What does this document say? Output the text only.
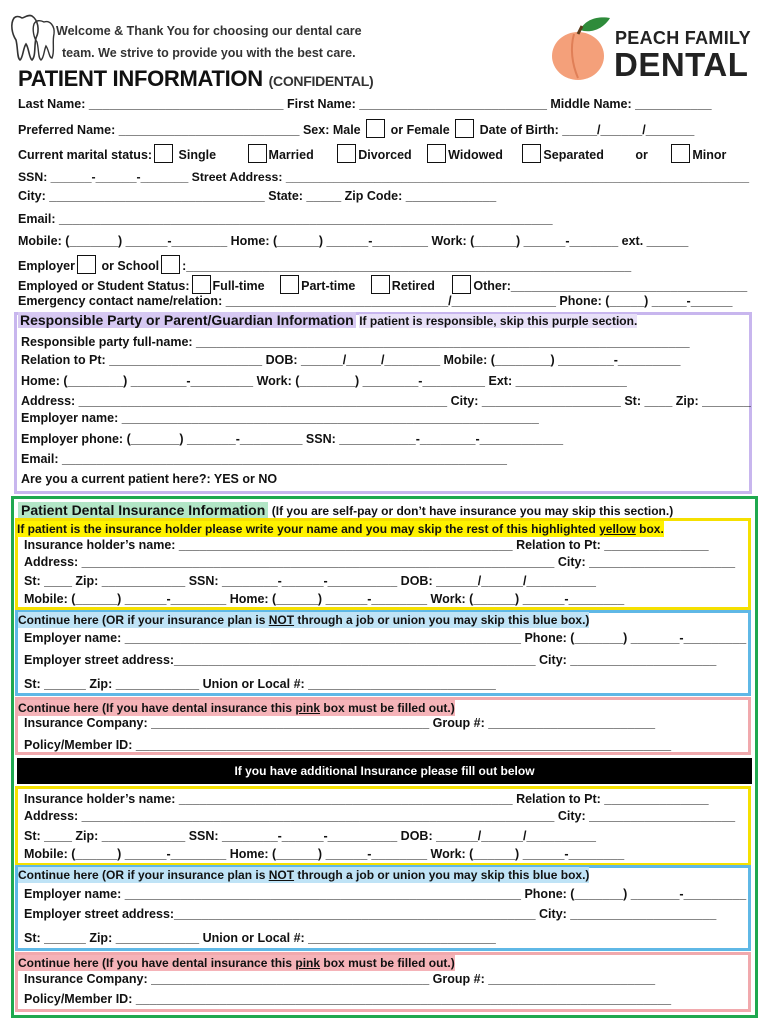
Welcome & Thank You for choosing our dental care
team. We strive to provide you with the best care.
PATIENT INFORMATION (CONFIDENTAL)
PEACH FAMILY
DENTAL
Last Name: ____________________________ First Name: ___________________________ Middle Name: ___________
Preferred Name: __________________________ Sex: Male  or Female  Date of Birth: _____/______/_______
Current marital status: Single	Married	Divorced	Widowed	Separated	or	Minor
SSN: ______-______-_______ Street Address: ____________________________________________________________________
City: _______________________________ State: _____ Zip Code: _____________
Email: _______________________________________________________________________
Mobile: (_______) ______-________ Home: (______) ______-________ Work: (______) ______-_______ ext. ______
Employer or School :________________________________________________________________
Employed or Student Status: Full-time	Part-time	Retired	Other:__________________________________
Emergency contact name/relation: ________________________________/_______________ Phone: (_____) _____-______
Responsible Party or Parent/Guardian Information If patient is responsible, skip this purple section.
Responsible party full-name: _______________________________________________________________________
Relation to Pt: ______________________ DOB: ______/_____/________ Mobile: (________) ________-_________
Home: (________) ________-_________ Work: (________) ________-_________ Ext: ________________
Address: _____________________________________________________ City: ____________________ St: ____ Zip: _______
Employer name: ____________________________________________________________
Employer phone: (_______) _______-_________ SSN: ___________-________-____________
Email: ________________________________________________________________
Are you a current patient here?: YES or NO
Patient Dental Insurance Information (If you are self-pay or don’t have insurance you may skip this section.)
If patient is the insurance holder please write your name and you may skip the rest of this highlighted yellow box.
Insurance holder’s name: ________________________________________________ Relation to Pt: _______________
Address: ____________________________________________________________________ City: _____________________
St: ____ Zip: ____________ SSN: ________-______-__________ DOB: ______/______/__________
Mobile: (______) ______-________ Home: (______) ______-________ Work: (______) ______-________
Continue here (OR if your insurance plan is NOT through a job or union you may skip this blue box.)
Employer name: _________________________________________________________ Phone: (_______) _______-_________
Employer street address:____________________________________________________ City: _____________________
St: ______ Zip: ____________ Union or Local #: ___________________________
Continue here (If you have dental insurance this pink box must be filled out.)
Insurance Company: ________________________________________ Group #: ________________________
Policy/Member ID: _____________________________________________________________________________
If you have additional Insurance please fill out below
Insurance holder’s name: ________________________________________________ Relation to Pt: _______________
Address: ____________________________________________________________________ City: _____________________
St: ____ Zip: ____________ SSN: ________-______-__________ DOB: ______/______/__________
Mobile: (______) ______-________ Home: (______) ______-________ Work: (______) ______-________
Continue here (OR if your insurance plan is NOT through a job or union you may skip this blue box.)
Employer name: _________________________________________________________ Phone: (_______) _______-_________
Employer street address:____________________________________________________ City: _____________________
St: ______ Zip: ____________ Union or Local #: ___________________________
Continue here (If you have dental insurance this pink box must be filled out.)
Insurance Company: ________________________________________ Group #: ________________________
Policy/Member ID: _____________________________________________________________________________
